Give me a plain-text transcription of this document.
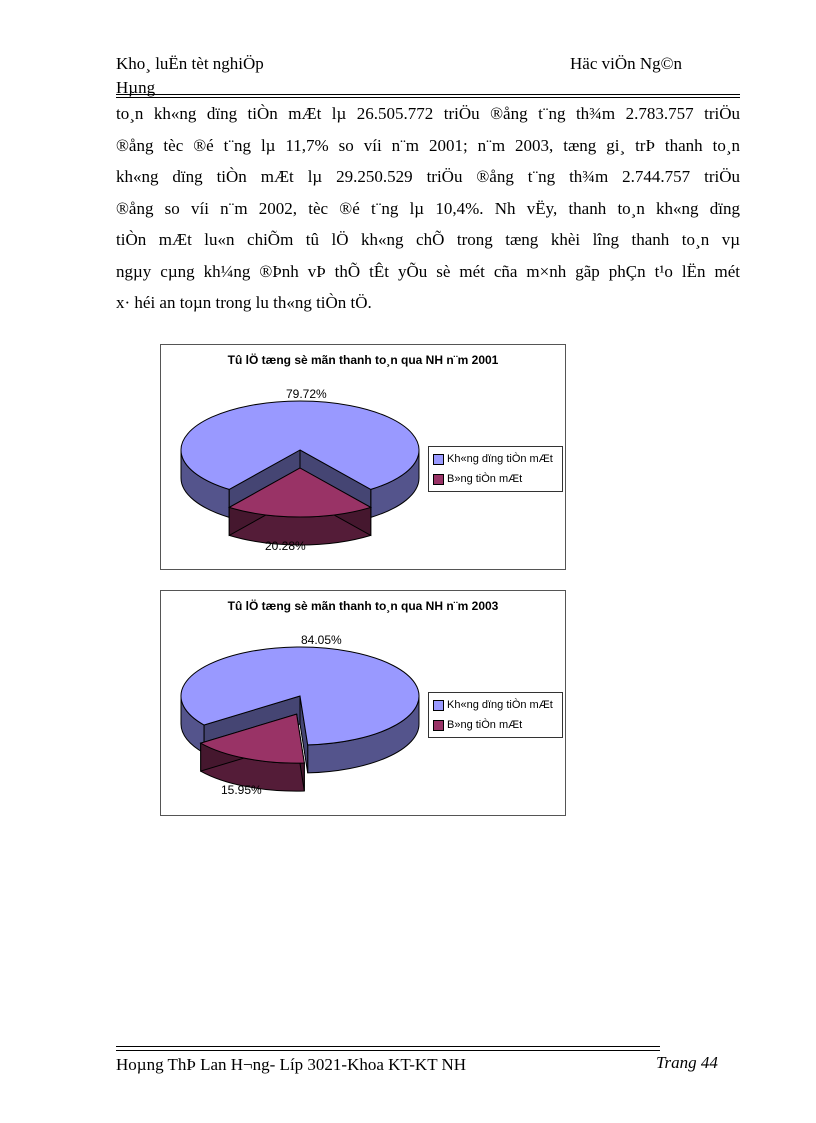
Kho¸ luËn tèt nghiÖp
Hµng
Häc viÖn Ng©n
to¸n kh«ng dïng tiÒn mÆt lµ 26.505.772 triÖu ®ång t¨ng th¾m 2.783.757 triÖu
®ång tèc ®é t¨ng lµ 11,7% so víi n¨m 2001; n¨m 2003, tæng gi¸ trÞ thanh to¸n
kh«ng dïng tiÒn mÆt lµ 29.250.529 triÖu ®ång t¨ng th¾m 2.744.757 triÖu
®ång so víi n¨m 2002, tèc ®é t¨ng lµ 10,4%. Nh vËy, thanh to¸n kh«ng dïng
tiÒn mÆt lu«n chiÕm tû lÖ kh«ng chÕ trong tæng khèi lîng thanh to¸n vµ
ngµy cµng kh¼ng ®Þnh vÞ thÕ tÊt yÕu sè mét cña m×nh gãp phÇn t¹o lËn mét
x· héi an toµn trong lu th«ng tiÒn tÖ.
Tû lÖ tæng sè mãn thanh to¸n qua NH n¨m 2001
79.72%
20.28%
Kh«ng dïng tiÒn mÆt
B»ng tiÒn mÆt
Tû lÖ tæng sè mãn thanh to¸n qua NH n¨m 2003
84.05%
15.95%
Kh«ng dïng tiÒn mÆt
B»ng tiÒn mÆt
Hoµng ThÞ Lan H¬ng- Líp 3021-Khoa KT-KT NH	Trang 44
